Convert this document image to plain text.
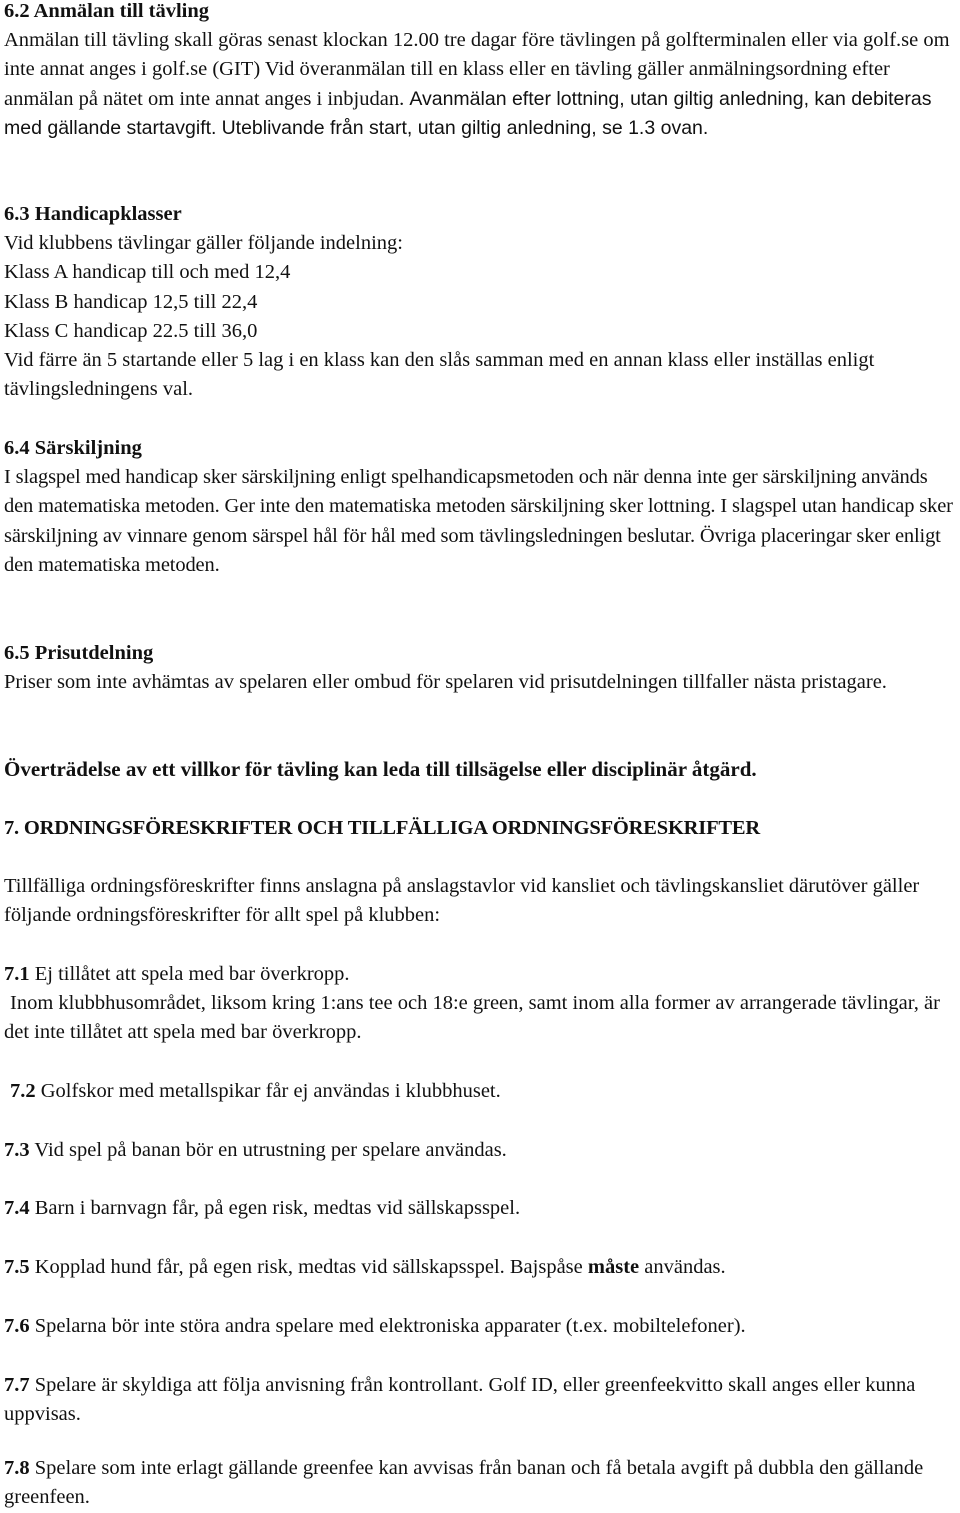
6.2 Anmälan till tävling

Anmälan till tävling skall göras senast klockan 12.00 tre dagar före tävlingen på golfterminalen eller via golf.se om inte annat anges i golf.se (GIT) Vid överanmälan till en klass eller en tävling gäller anmälningsordning efter anmälan på nätet om inte annat anges i inbjudan. Avanmälan efter lottning, utan giltig anledning, kan debiteras med gällande startavgift. Uteblivande från start, utan giltig anledning, se 1.3 ovan.

6.3 Handicapklasser

Vid klubbens tävlingar gäller följande indelning:

Klass A handicap till och med 12,4

Klass B handicap 12,5 till 22,4

Klass C handicap 22.5 till 36,0

Vid färre än 5 startande eller 5 lag i en klass kan den slås samman med en annan klass eller inställas enligt tävlingsledningens val.

6.4 Särskiljning

I slagspel med handicap sker särskiljning enligt spelhandicapsmetoden och när denna inte ger särskiljning används den matematiska metoden. Ger inte den matematiska metoden särskiljning sker lottning. I slagspel utan handicap sker särskiljning av vinnare genom särspel hål för hål med som tävlingsledningen beslutar. Övriga placeringar sker enligt den matematiska metoden.

6.5 Prisutdelning

Priser som inte avhämtas av spelaren eller ombud för spelaren vid prisutdelningen tillfaller nästa pristagare.

Överträdelse av ett villkor för tävling kan leda till tillsägelse eller disciplinär åtgärd.

7. ORDNINGSFÖRESKRIFTER OCH TILLFÄLLIGA ORDNINGSFÖRESKRIFTER

Tillfälliga ordningsföreskrifter finns anslagna på anslagstavlor vid kansliet och tävlingskansliet därutöver gäller följande ordningsföreskrifter för allt spel på klubben:

7.1 Ej tillåtet att spela med bar överkropp.

Inom klubbhusområdet, liksom kring 1:ans tee och 18:e green, samt inom alla former av arrangerade tävlingar, är det inte tillåtet att spela med bar överkropp.

7.2 Golfskor med metallspikar får ej användas i klubbhuset.

7.3 Vid spel på banan bör en utrustning per spelare användas.

7.4 Barn i barnvagn får, på egen risk, medtas vid sällskapsspel.

7.5 Kopplad hund får, på egen risk, medtas vid sällskapsspel. Bajspåse måste användas.

7.6 Spelarna bör inte störa andra spelare med elektroniska apparater (t.ex. mobiltelefoner).

7.7 Spelare är skyldiga att följa anvisning från kontrollant. Golf ID, eller greenfeekvitto skall anges eller kunna uppvisas.

7.8 Spelare som inte erlagt gällande greenfee kan avvisas från banan och få betala avgift på dubbla den gällande greenfeen.
